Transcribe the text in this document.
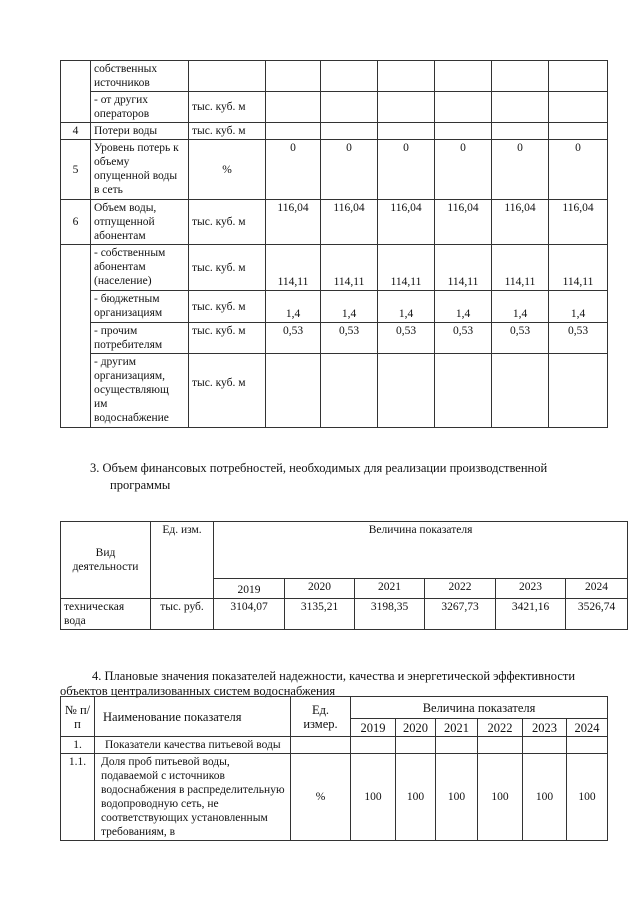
	собственных источников							
	- от других операторов	тыс. куб. м						
4	Потери воды	тыс. куб. м						
5	Уровень потерь к объему опущенной воды в сеть	%	0	0	0	0	0	0
6	Объем воды, отпущенной абонентам	тыс. куб. м	116,04	116,04	116,04	116,04	116,04	116,04
	- собственным абонентам (население)	тыс. куб. м	114,11	114,11	114,11	114,11	114,11	114,11
	- бюджетным организациям	тыс. куб. м	1,4	1,4	1,4	1,4	1,4	1,4
	- прочим потребителям	тыс. куб. м	0,53	0,53	0,53	0,53	0,53	0,53
	- другим организациям, осуществляющ им водоснабжение	тыс. куб. м						
3. Объем финансовых потребностей, необходимых для реализации производственной
программы
Вид деятельности	Ед. изм.	Величина показателя					
		2019	2020	2021	2022	2023	2024
техническая вода	тыс. руб.	3104,07	3135,21	3198,35	3267,73	3421,16	3526,74
4. Плановые значения показателей надежности, качества и энергетической эффективности
объектов централизованных систем водоснабжения
№ п/п	Наименование показателя	Ед. измер.	Величина показателя					
			2019	2020	2021	2022	2023	2024
1.	Показатели качества питьевой воды							
1.1.	Доля проб питьевой воды, подаваемой с источников водоснабжения в распределительную водопроводную сеть, не соответствующих установленным требованиям, в	%	100	100	100	100	100	100
